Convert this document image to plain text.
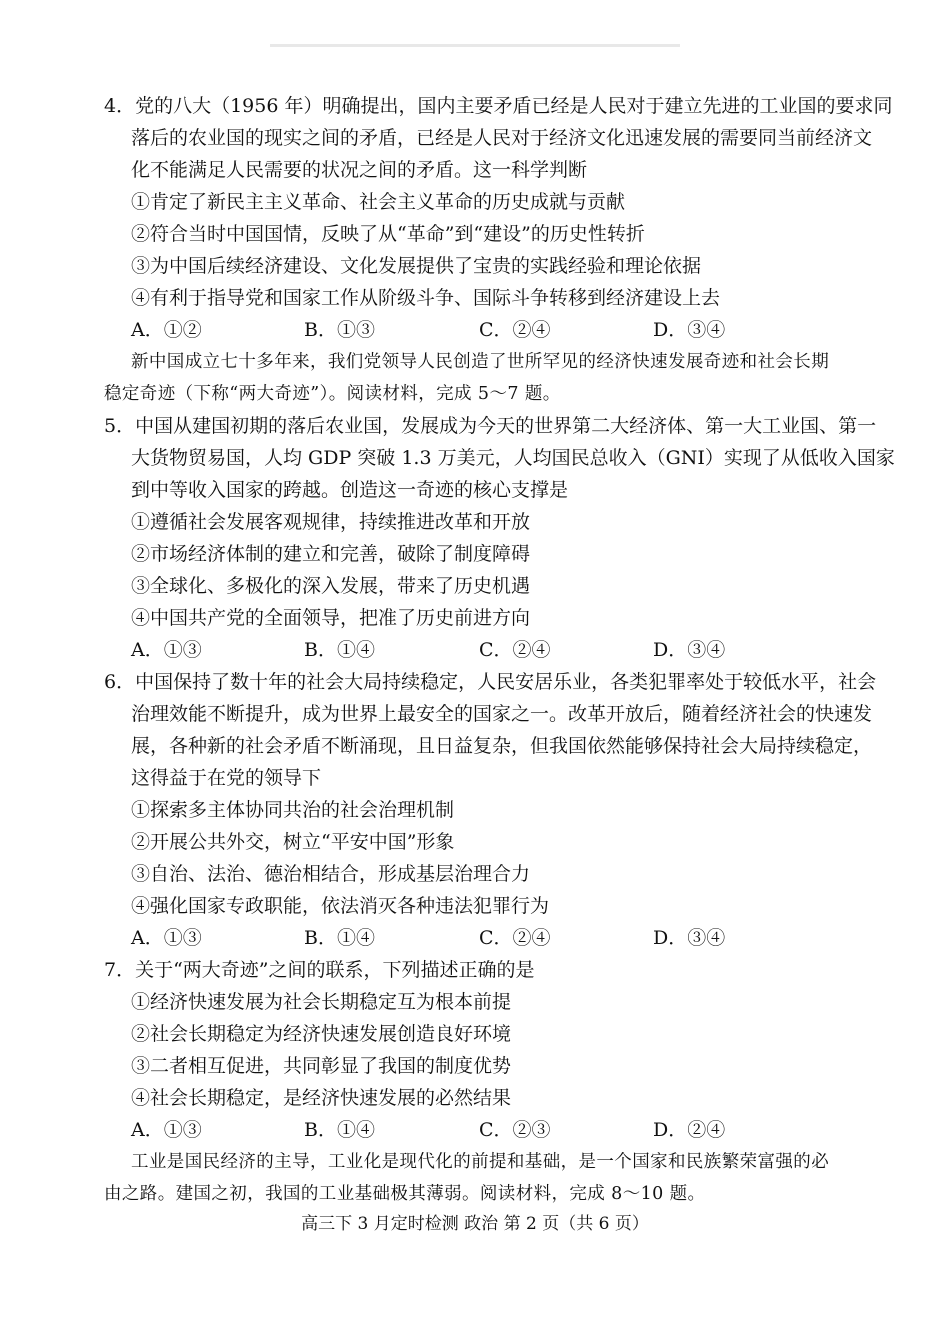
4．党的八大（1956 年）明确提出，国内主要矛盾已经是人民对于建立先进的工业国的要求同
落后的农业国的现实之间的矛盾，已经是人民对于经济文化迅速发展的需要同当前经济文
化不能满足人民需要的状况之间的矛盾。这一科学判断
①肯定了新民主主义革命、社会主义革命的历史成就与贡献
②符合当时中国国情，反映了从“革命”到“建设”的历史性转折
③为中国后续经济建设、文化发展提供了宝贵的实践经验和理论依据
④有利于指导党和国家工作从阶级斗争、国际斗争转移到经济建设上去
A．①②	B．①③	C．②④	D．③④
新中国成立七十多年来，我们党领导人民创造了世所罕见的经济快速发展奇迹和社会长期
稳定奇迹（下称“两大奇迹”）。阅读材料，完成 5～7 题。
5．中国从建国初期的落后农业国，发展成为今天的世界第二大经济体、第一大工业国、第一
大货物贸易国，人均 GDP 突破 1.3 万美元，人均国民总收入（GNI）实现了从低收入国家
到中等收入国家的跨越。创造这一奇迹的核心支撑是
①遵循社会发展客观规律，持续推进改革和开放
②市场经济体制的建立和完善，破除了制度障碍
③全球化、多极化的深入发展，带来了历史机遇
④中国共产党的全面领导，把准了历史前进方向
A．①③	B．①④	C．②④	D．③④
6．中国保持了数十年的社会大局持续稳定，人民安居乐业，各类犯罪率处于较低水平，社会
治理效能不断提升，成为世界上最安全的国家之一。改革开放后，随着经济社会的快速发
展，各种新的社会矛盾不断涌现，且日益复杂，但我国依然能够保持社会大局持续稳定，
这得益于在党的领导下
①探索多主体协同共治的社会治理机制
②开展公共外交，树立“平安中国”形象
③自治、法治、德治相结合，形成基层治理合力
④强化国家专政职能，依法消灭各种违法犯罪行为
A．①③	B．①④	C．②④	D．③④
7．关于“两大奇迹”之间的联系，下列描述正确的是
①经济快速发展为社会长期稳定互为根本前提
②社会长期稳定为经济快速发展创造良好环境
③二者相互促进，共同彰显了我国的制度优势
④社会长期稳定，是经济快速发展的必然结果
A．①③	B．①④	C．②③	D．②④
工业是国民经济的主导，工业化是现代化的前提和基础，是一个国家和民族繁荣富强的必
由之路。建国之初，我国的工业基础极其薄弱。阅读材料，完成 8～10 题。
高三下 3 月定时检测 政治 第 2 页（共 6 页）
